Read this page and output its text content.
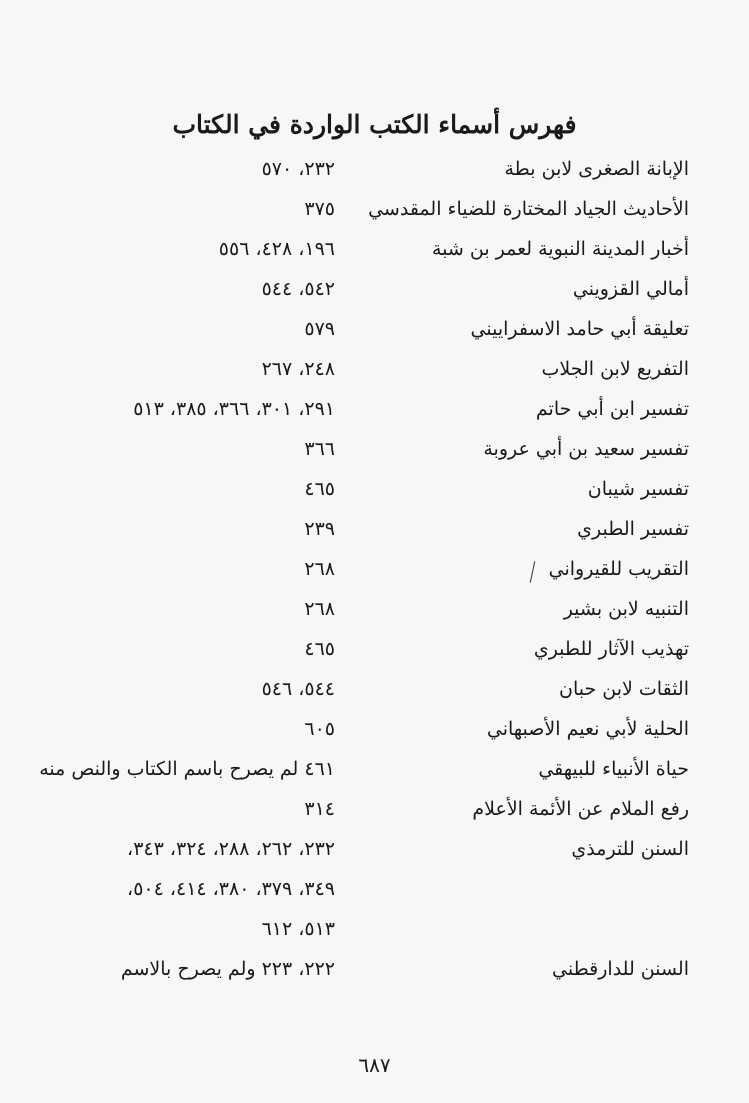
فهرس أسماء الكتب الواردة في الكتاب
الإبانة الصغرى لابن بطة
٢٣٢، ٥٧٠
الأحاديث الجياد المختارة للضياء المقدسي
٣٧٥
أخبار المدينة النبوية لعمر بن شبة
١٩٦، ٤٢٨، ٥٥٦
أمالي القزويني
٥٤٢، ٥٤٤
تعليقة أبي حامد الاسفراييني
٥٧٩
التفريع لابن الجلاب
٢٤٨، ٢٦٧
تفسير ابن أبي حاتم
٢٩١، ٣٠١، ٣٦٦، ٣٨٥، ٥١٣
تفسير سعيد بن أبي عروبة
٣٦٦
تفسير شيبان
٤٦٥
تفسير الطبري
٢٣٩
التقريب للقيرواني
٢٦٨
التنبيه لابن بشير
٢٦٨
تهذيب الآثار للطبري
٤٦٥
الثقات لابن حبان
٥٤٤، ٥٤٦
الحلية لأبي نعيم الأصبهاني
٦٠٥
حياة الأنبياء للبيهقي
٤٦١ لم يصرح باسم الكتاب والنص منه
رفع الملام عن الأئمة الأعلام
٣١٤
السنن للترمذي
٢٣٢، ٢٦٢، ٢٨٨، ٣٢٤، ٣٤٣،
٣٤٩، ٣٧٩، ٣٨٠، ٤١٤، ٥٠٤،
٥١٣، ٦١٢
السنن للدارقطني
٢٢٢، ٢٢٣ ولم يصرح بالاسم
٦٨٧
